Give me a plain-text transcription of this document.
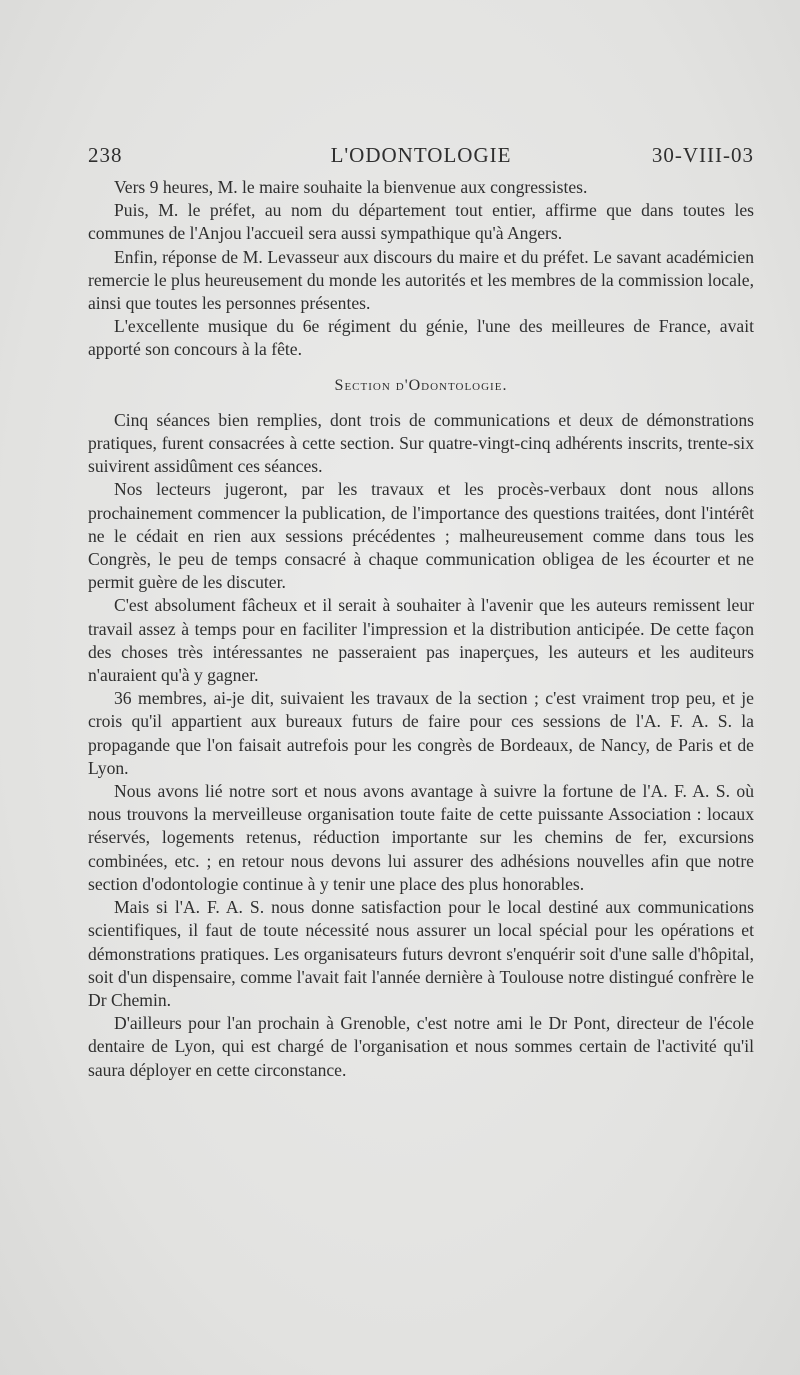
238	L'ODONTOLOGIE	30-VIII-03

Vers 9 heures, M. le maire souhaite la bienvenue aux congressistes.

Puis, M. le préfet, au nom du département tout entier, affirme que dans toutes les communes de l'Anjou l'accueil sera aussi sympathique qu'à Angers.

Enfin, réponse de M. Levasseur aux discours du maire et du préfet. Le savant académicien remercie le plus heureusement du monde les autorités et les membres de la commission locale, ainsi que toutes les personnes présentes.

L'excellente musique du 6e régiment du génie, l'une des meilleures de France, avait apporté son concours à la fête.

Section d'Odontologie.

Cinq séances bien remplies, dont trois de communications et deux de démonstrations pratiques, furent consacrées à cette section. Sur quatre-vingt-cinq adhérents inscrits, trente-six suivirent assidûment ces séances.

Nos lecteurs jugeront, par les travaux et les procès-verbaux dont nous allons prochainement commencer la publication, de l'importance des questions traitées, dont l'intérêt ne le cédait en rien aux sessions précédentes ; malheureusement comme dans tous les Congrès, le peu de temps consacré à chaque communication obligea de les écourter et ne permit guère de les discuter.

C'est absolument fâcheux et il serait à souhaiter à l'avenir que les auteurs remissent leur travail assez à temps pour en faciliter l'impression et la distribution anticipée. De cette façon des choses très intéressantes ne passeraient pas inaperçues, les auteurs et les auditeurs n'auraient qu'à y gagner.

36 membres, ai-je dit, suivaient les travaux de la section ; c'est vraiment trop peu, et je crois qu'il appartient aux bureaux futurs de faire pour ces sessions de l'A. F. A. S. la propagande que l'on faisait autrefois pour les congrès de Bordeaux, de Nancy, de Paris et de Lyon.

Nous avons lié notre sort et nous avons avantage à suivre la fortune de l'A. F. A. S. où nous trouvons la merveilleuse organisation toute faite de cette puissante Association : locaux réservés, logements retenus, réduction importante sur les chemins de fer, excursions combinées, etc. ; en retour nous devons lui assurer des adhésions nouvelles afin que notre section d'odontologie continue à y tenir une place des plus honorables.

Mais si l'A. F. A. S. nous donne satisfaction pour le local destiné aux communications scientifiques, il faut de toute nécessité nous assurer un local spécial pour les opérations et démonstrations pratiques. Les organisateurs futurs devront s'enquérir soit d'une salle d'hôpital, soit d'un dispensaire, comme l'avait fait l'année dernière à Toulouse notre distingué confrère le Dr Chemin.

D'ailleurs pour l'an prochain à Grenoble, c'est notre ami le Dr Pont, directeur de l'école dentaire de Lyon, qui est chargé de l'organisation et nous sommes certain de l'activité qu'il saura déployer en cette circonstance.
